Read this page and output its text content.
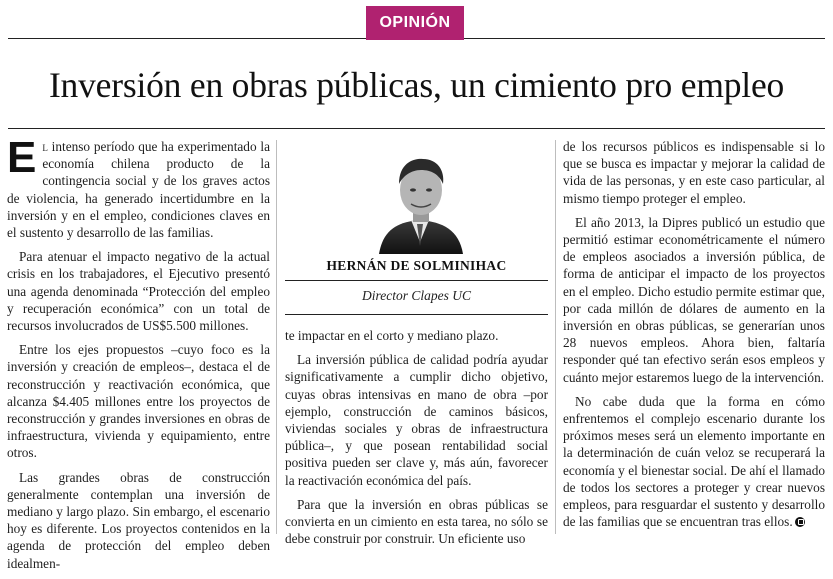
OPINIÓN
Inversión en obras públicas, un cimiento pro empleo

El intenso período que ha experimentado la economía chilena producto de la contingencia social y de los graves actos de violencia, ha generado incertidumbre en la inversión y en el empleo, condiciones claves en el sustento y desarrollo de las familias.

Para atenuar el impacto negativo de la actual crisis en los trabajadores, el Ejecutivo presentó una agenda denominada “Protección del empleo y recuperación económica” con un total de recursos involucrados de US$5.500 millones.

Entre los ejes propuestos –cuyo foco es la inversión y creación de empleos–, destaca el de reconstrucción y reactivación económica, que alcanza $4.405 millones entre los proyectos de reconstrucción y grandes inversiones en obras de infraestructura, vivienda y equipamiento, entre otros.

Las grandes obras de construcción generalmente contemplan una inversión de mediano y largo plazo. Sin embargo, el escenario hoy es diferente. Los proyectos contenidos en la agenda de protección del empleo deben idealmen-

HERNÁN DE SOLMINIHAC
Director Clapes UC

te impactar en el corto y mediano plazo.

La inversión pública de calidad podría ayudar significativamente a cumplir dicho objetivo, cuyas obras intensivas en mano de obra –por ejemplo, construcción de caminos básicos, viviendas sociales y obras de infraestructura pública–, y que posean rentabilidad social positiva pueden ser clave y, más aún, favorecer la reactivación económica del país.

Para que la inversión en obras públicas se convierta en un cimiento en esta tarea, no sólo se debe construir por construir. Un eficiente uso

de los recursos públicos es indispensable si lo que se busca es impactar y mejorar la calidad de vida de las personas, y en este caso particular, al mismo tiempo proteger el empleo.

El año 2013, la Dipres publicó un estudio que permitió estimar econométricamente el número de empleos asociados a inversión pública, de forma de anticipar el impacto de los proyectos en el empleo. Dicho estudio permite estimar que, por cada millón de dólares de aumento en la inversión en obras públicas, se generarían unos 28 nuevos empleos. Ahora bien, faltaría responder qué tan efectivo serán esos empleos y cuánto mejor estaremos luego de la intervención.

No cabe duda que la forma en cómo enfrentemos el complejo escenario durante los próximos meses será un elemento importante en la determinación de cuán veloz se recuperará la economía y el bienestar social. De ahí el llamado de todos los sectores a proteger y crear nuevos empleos, para resguardar el sustento y desarrollo de las familias que se encuentran tras ellos.
